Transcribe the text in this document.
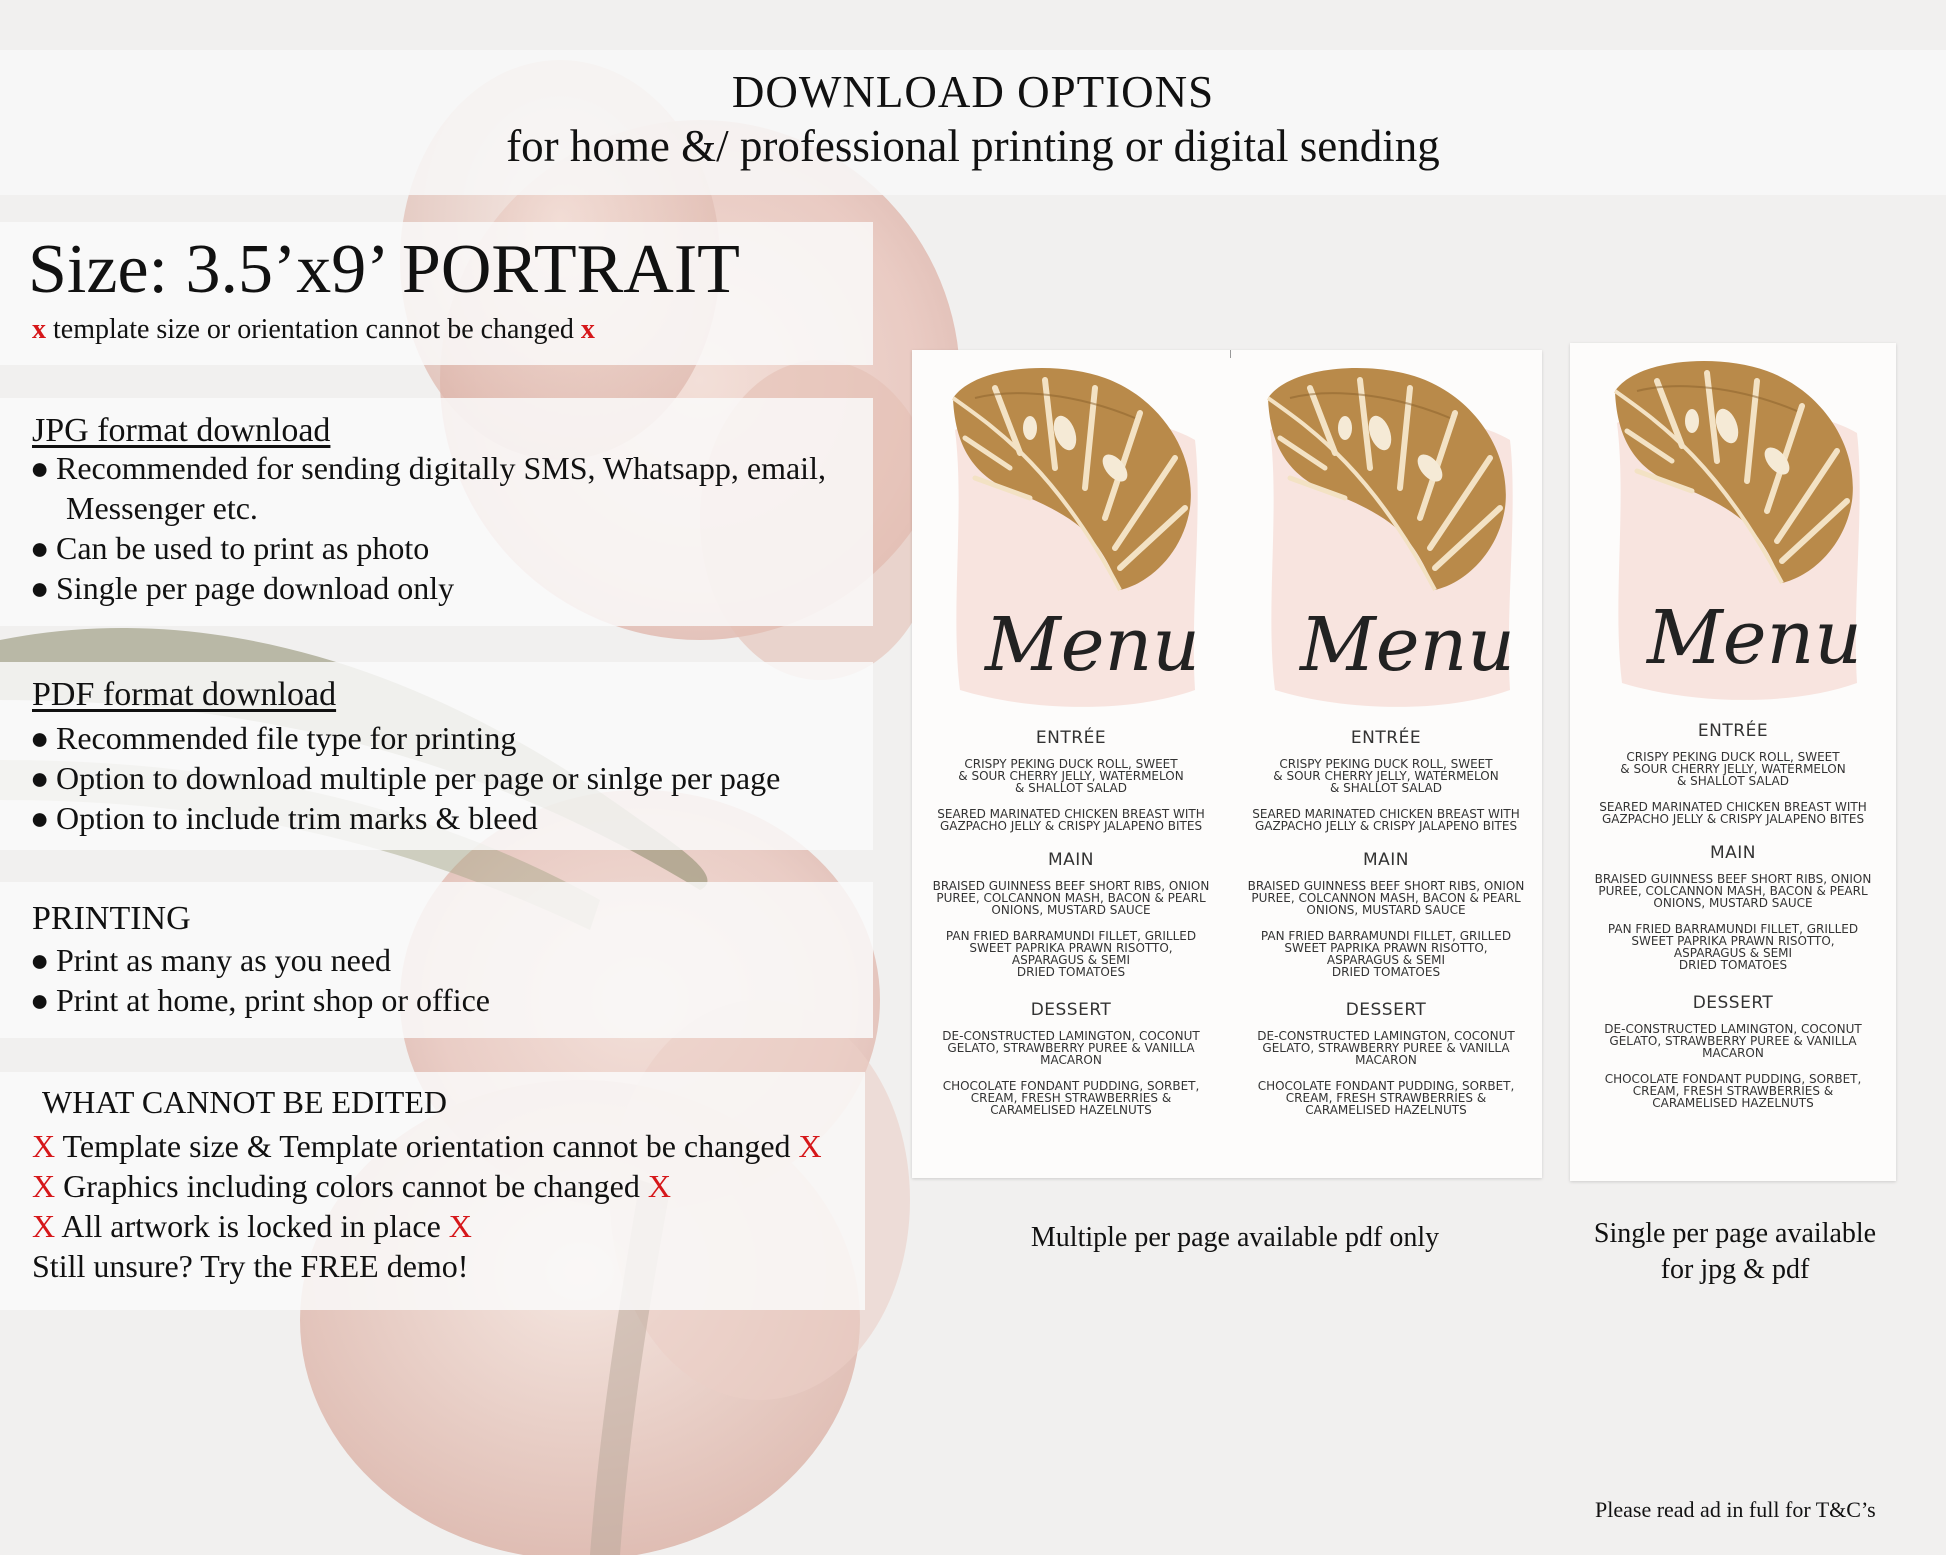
DOWNLOAD OPTIONS
for home &/ professional printing or digital sending
Size: 3.5’x9’ PORTRAIT
x template size or orientation cannot be changed x
JPG format download
● Recommended for sending digitally SMS, Whatsapp, email,
Messenger etc.
● Can be used to print as photo
● Single per page download only
PDF format download
● Recommended file type for printing
● Option to download multiple per page or sinlge per page
● Option to include trim marks & bleed
PRINTING
● Print as many as you need
● Print at home, print shop or office
WHAT CANNOT BE EDITED
X Template size & Template orientation cannot be changed X
X Graphics including colors cannot be changed X
X All artwork is locked in place X
Still unsure? Try the FREE demo!
Menu
ENTRÉE
CRISPY PEKING DUCK ROLL, SWEET
& SOUR CHERRY JELLY, WATERMELON
& SHALLOT SALAD
SEARED MARINATED CHICKEN BREAST WITH
GAZPACHO JELLY & CRISPY JALAPENO BITES
MAIN
BRAISED GUINNESS BEEF SHORT RIBS, ONION
PUREE, COLCANNON MASH, BACON & PEARL
ONIONS, MUSTARD SAUCE
PAN FRIED BARRAMUNDI FILLET, GRILLED
SWEET PAPRIKA PRAWN RISOTTO,
ASPARAGUS & SEMI
DRIED TOMATOES
DESSERT
DE-CONSTRUCTED LAMINGTON, COCONUT
GELATO, STRAWBERRY PUREE & VANILLA
MACARON
CHOCOLATE FONDANT PUDDING, SORBET,
CREAM, FRESH STRAWBERRIES &
CARAMELISED HAZELNUTS
Menu
ENTRÉE
CRISPY PEKING DUCK ROLL, SWEET
& SOUR CHERRY JELLY, WATERMELON
& SHALLOT SALAD
SEARED MARINATED CHICKEN BREAST WITH
GAZPACHO JELLY & CRISPY JALAPENO BITES
MAIN
BRAISED GUINNESS BEEF SHORT RIBS, ONION
PUREE, COLCANNON MASH, BACON & PEARL
ONIONS, MUSTARD SAUCE
PAN FRIED BARRAMUNDI FILLET, GRILLED
SWEET PAPRIKA PRAWN RISOTTO,
ASPARAGUS & SEMI
DRIED TOMATOES
DESSERT
DE-CONSTRUCTED LAMINGTON, COCONUT
GELATO, STRAWBERRY PUREE & VANILLA
MACARON
CHOCOLATE FONDANT PUDDING, SORBET,
CREAM, FRESH STRAWBERRIES &
CARAMELISED HAZELNUTS
Menu
ENTRÉE
CRISPY PEKING DUCK ROLL, SWEET
& SOUR CHERRY JELLY, WATERMELON
& SHALLOT SALAD
SEARED MARINATED CHICKEN BREAST WITH
GAZPACHO JELLY & CRISPY JALAPENO BITES
MAIN
BRAISED GUINNESS BEEF SHORT RIBS, ONION
PUREE, COLCANNON MASH, BACON & PEARL
ONIONS, MUSTARD SAUCE
PAN FRIED BARRAMUNDI FILLET, GRILLED
SWEET PAPRIKA PRAWN RISOTTO,
ASPARAGUS & SEMI
DRIED TOMATOES
DESSERT
DE-CONSTRUCTED LAMINGTON, COCONUT
GELATO, STRAWBERRY PUREE & VANILLA
MACARON
CHOCOLATE FONDANT PUDDING, SORBET,
CREAM, FRESH STRAWBERRIES &
CARAMELISED HAZELNUTS
Multiple per page available pdf only	Single per page available
for jpg & pdf
Please read ad in full for T&C’s
